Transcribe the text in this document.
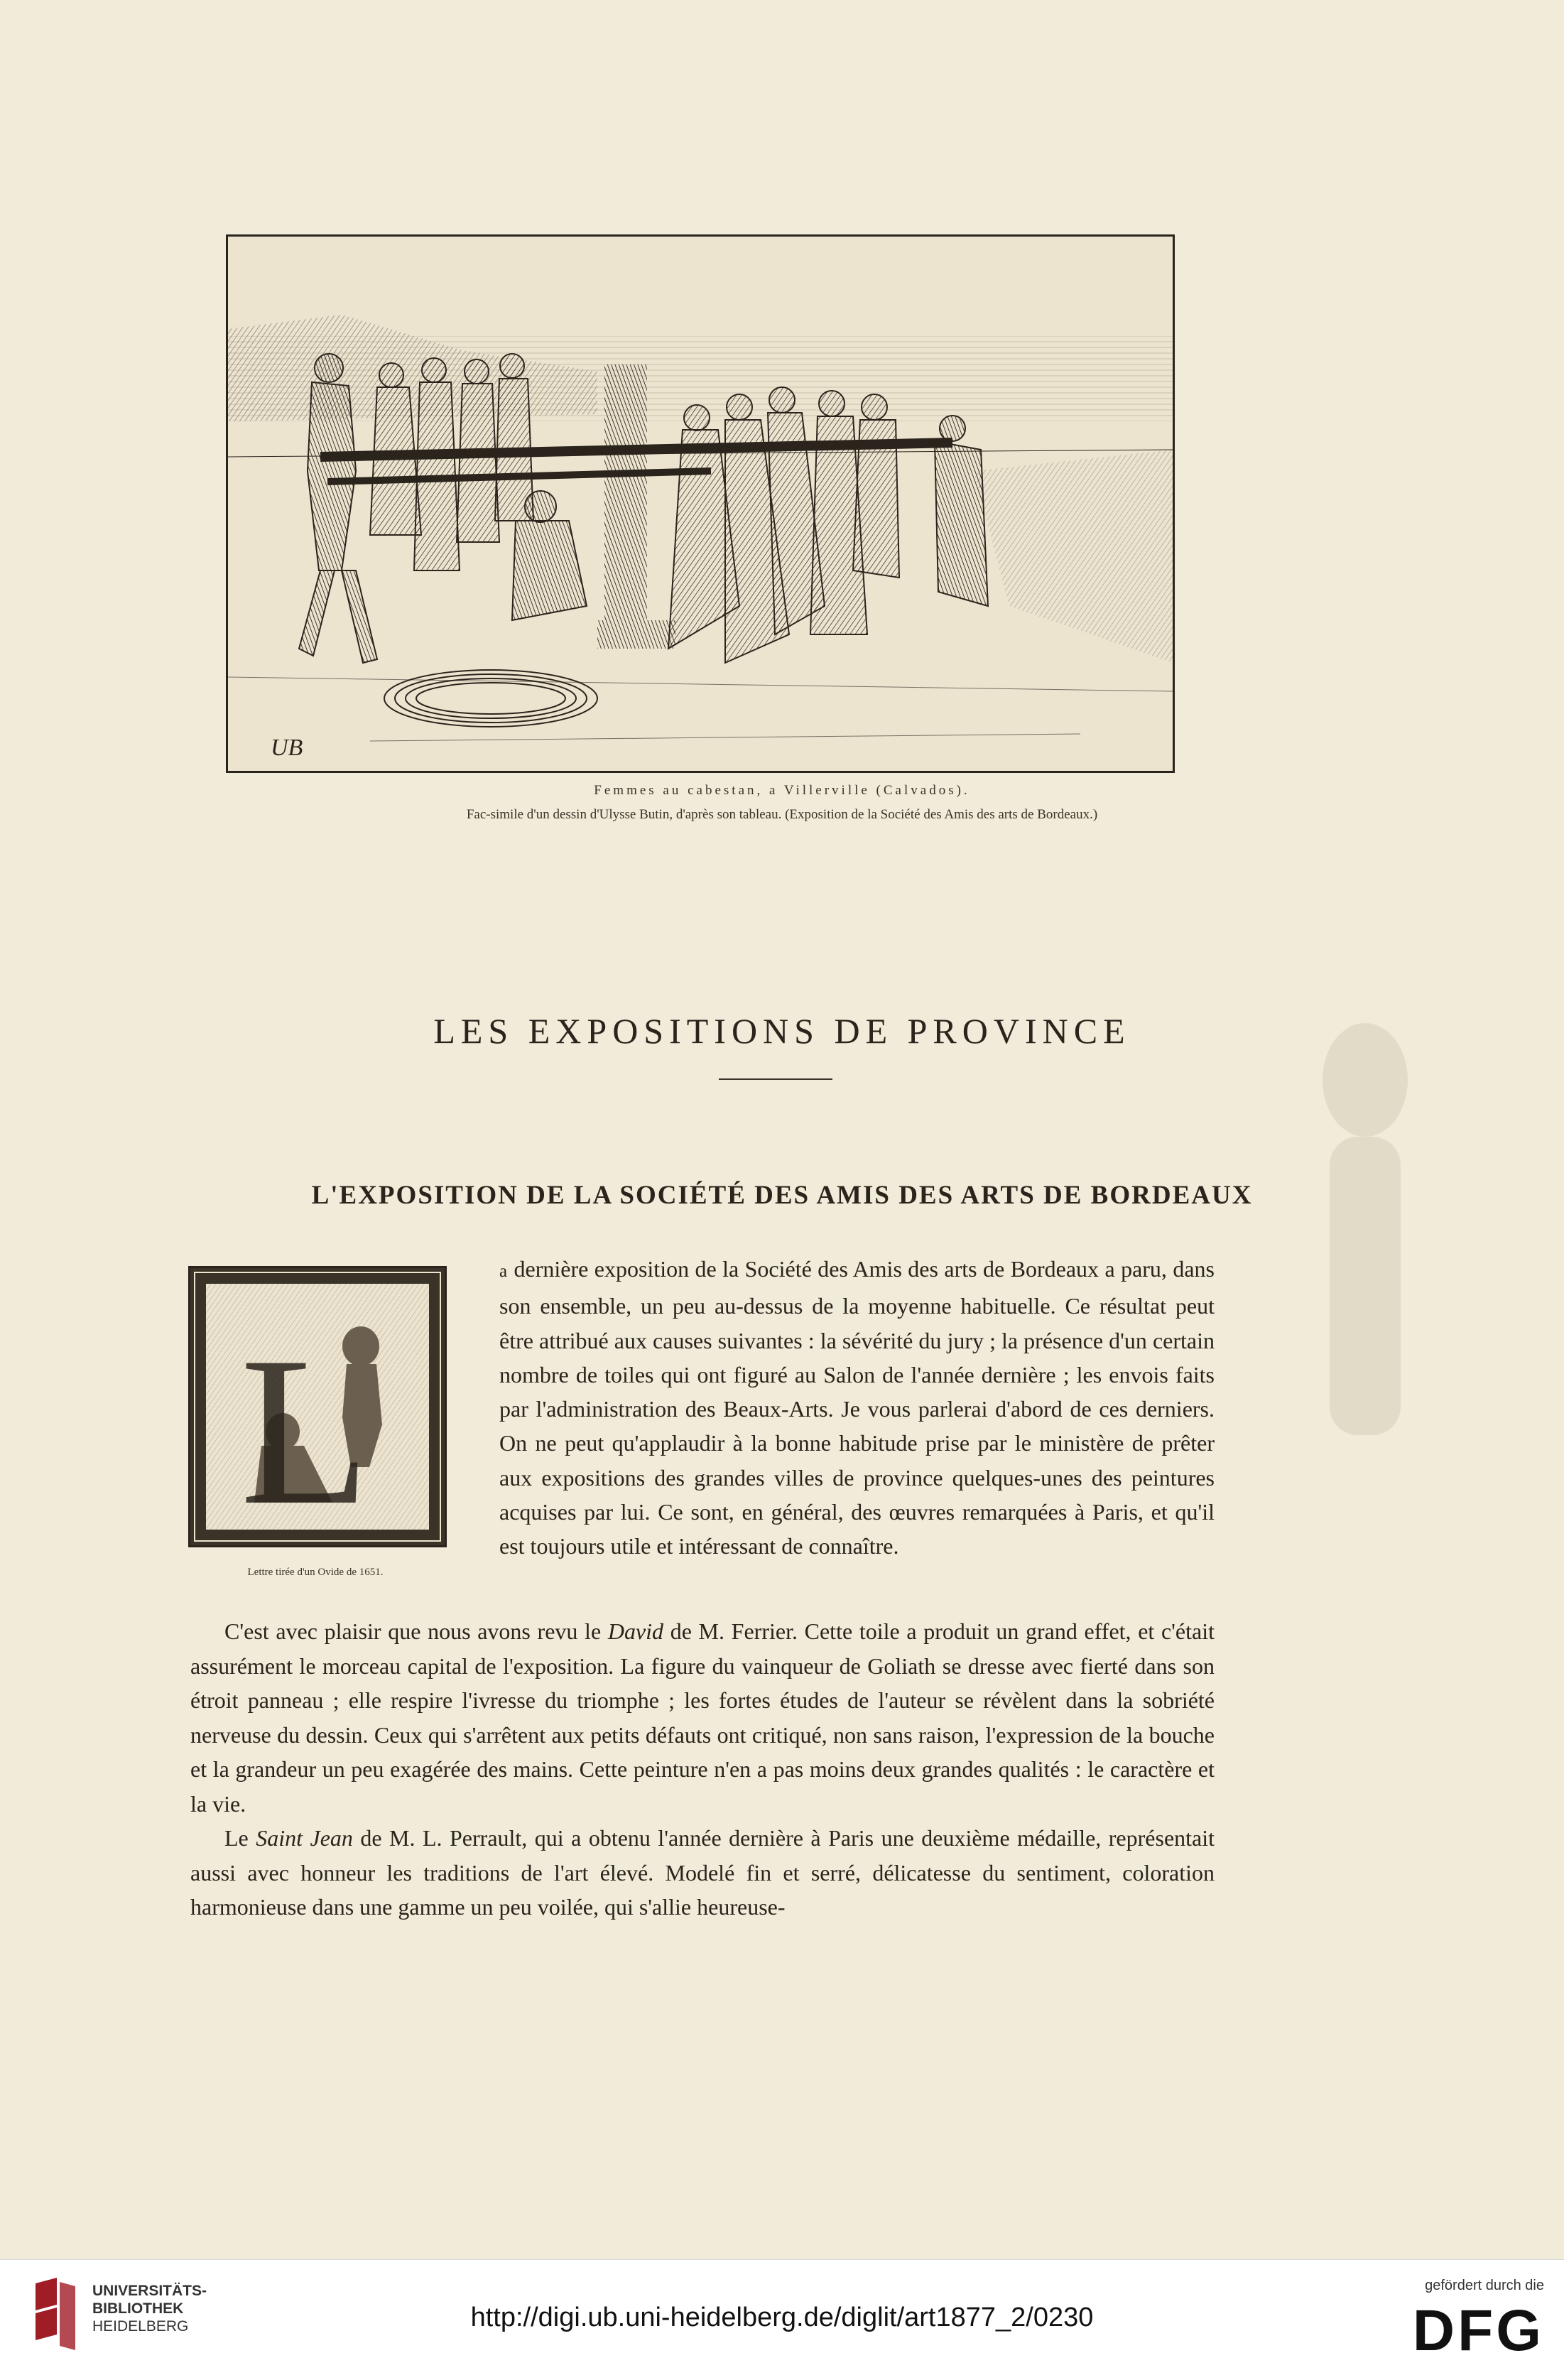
UB
Femmes au cabestan, a Villerville (Calvados).
Fac-simile d'un dessin d'Ulysse Butin, d'après son tableau. (Exposition de la Société des Amis des arts de Bordeaux.)
LES EXPOSITIONS DE PROVINCE
L'EXPOSITION DE LA SOCIÉTÉ DES AMIS DES ARTS DE BORDEAUX
L
Lettre tirée d'un Ovide de 1651.
a dernière exposition de la Société des Amis des arts de Bordeaux a paru, dans son ensemble, un peu au-dessus de la moyenne habituelle. Ce résultat peut être attribué aux causes suivantes : la sévérité du jury ; la présence d'un certain nombre de toiles qui ont figuré au Salon de l'année dernière ; les envois faits par l'administration des Beaux-Arts. Je vous parlerai d'abord de ces derniers. On ne peut qu'applaudir à la bonne habitude prise par le ministère de prêter aux expositions des grandes villes de province quelques-unes des peintures acquises par lui. Ce sont, en général, des œuvres remarquées à Paris, et qu'il est toujours utile et intéressant de connaître.

C'est avec plaisir que nous avons revu le David de M. Ferrier. Cette toile a produit un grand effet, et c'était assurément le morceau capital de l'exposition. La figure du vainqueur de Goliath se dresse avec fierté dans son étroit panneau ; elle respire l'ivresse du triomphe ; les fortes études de l'auteur se révèlent dans la sobriété nerveuse du dessin. Ceux qui s'arrêtent aux petits défauts ont critiqué, non sans raison, l'expression de la bouche et la grandeur un peu exagérée des mains. Cette peinture n'en a pas moins deux grandes qualités : le caractère et la vie.

Le Saint Jean de M. L. Perrault, qui a obtenu l'année dernière à Paris une deuxième médaille, représentait aussi avec honneur les traditions de l'art élevé. Modelé fin et serré, délicatesse du sentiment, coloration harmonieuse dans une gamme un peu voilée, qui s'allie heureuse-

UNIVERSITÄTS-
BIBLIOTHEK
HEIDELBERG	http://digi.ub.uni-heidelberg.de/diglit/art1877_2/0230
gefördert durch die
DFG
